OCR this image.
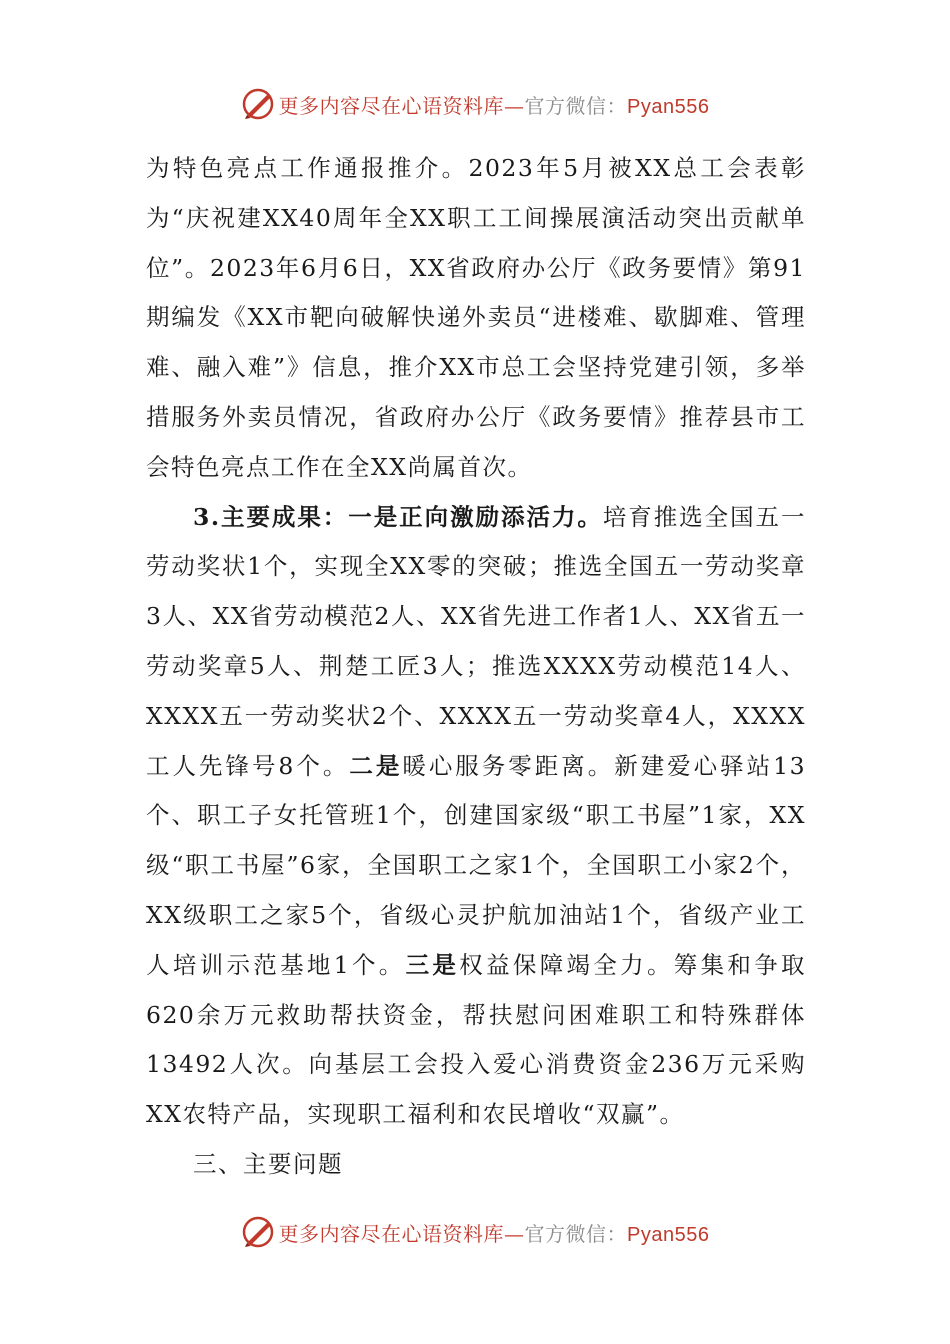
更多内容尽在心语资料库—官方微信：Pyan556

为特色亮点工作通报推介。2023年5月被XX总工会表彰为“庆祝建XX40周年全XX职工工间操展演活动突出贡献单位”。2023年6月6日，XX省政府办公厅《政务要情》第91期编发《XX市靶向破解快递外卖员“进楼难、歇脚难、管理难、融入难”》信息，推介XX市总工会坚持党建引领，多举措服务外卖员情况，省政府办公厅《政务要情》推荐县市工会特色亮点工作在全XX尚属首次。

3.主要成果：一是正向激励添活力。培育推选全国五一劳动奖状1个，实现全XX零的突破；推选全国五一劳动奖章3人、XX省劳动模范2人、XX省先进工作者1人、XX省五一劳动奖章5人、荆楚工匠3人；推选XXXX劳动模范14人、XXXX五一劳动奖状2个、XXXX五一劳动奖章4人，XXXX工人先锋号8个。二是暖心服务零距离。新建爱心驿站13个、职工子女托管班1个，创建国家级“职工书屋”1家，XX级“职工书屋”6家，全国职工之家1个，全国职工小家2个，XX级职工之家5个，省级心灵护航加油站1个，省级产业工人培训示范基地1个。三是权益保障竭全力。筹集和争取620余万元救助帮扶资金，帮扶慰问困难职工和特殊群体13492人次。向基层工会投入爱心消费资金236万元采购XX农特产品，实现职工福利和农民增收“双赢”。

三、主要问题

更多内容尽在心语资料库—官方微信：Pyan556
